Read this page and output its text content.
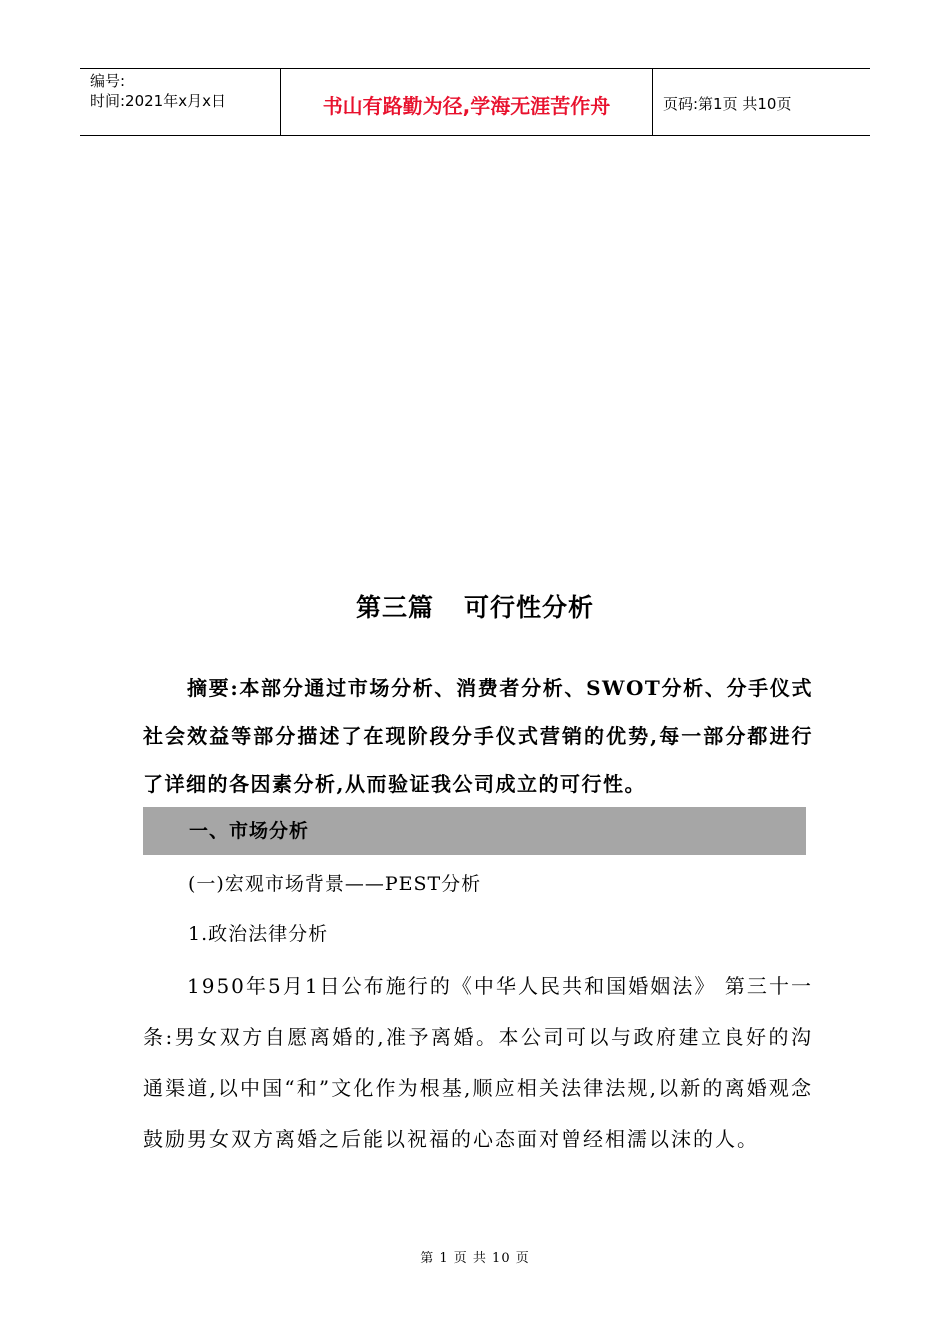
编号:
时间:2021年x月x日	书山有路勤为径,学海无涯苦作舟	页码:第1页 共10页
第三篇 可行性分析

摘要:本部分通过市场分析、消费者分析、SWOT分析、分手仪式社会效益等部分描述了在现阶段分手仪式营销的优势,每一部分都进行了详细的各因素分析,从而验证我公司成立的可行性。

一、市场分析
(一)宏观市场背景——PEST分析
1.政治法律分析

1950年5月1日公布施行的《中华人民共和国婚姻法》 第三十一条:男女双方自愿离婚的,准予离婚。本公司可以与政府建立良好的沟通渠道,以中国“和”文化作为根基,顺应相关法律法规,以新的离婚观念鼓励男女双方离婚之后能以祝福的心态面对曾经相濡以沫的人。

第 1 页 共 10 页
